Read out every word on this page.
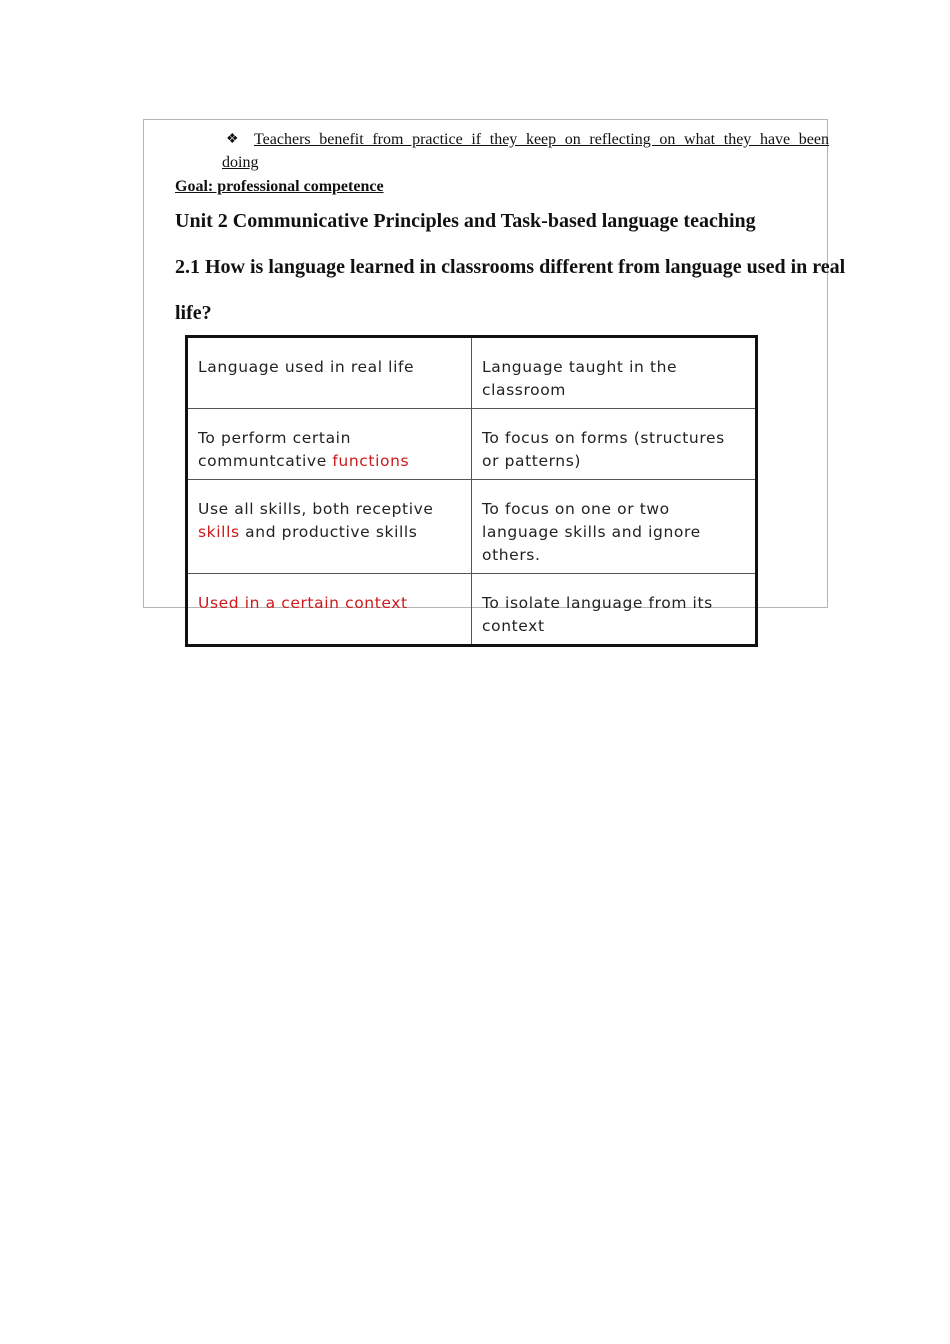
❖ Teachers benefit from practice if they keep on reflecting on what they have been
doing
Goal: professional competence
Unit 2 Communicative Principles and Task-based language teaching
2.1 How is language learned in classrooms different from language used in real
life?
Language used in real life	Language taught in the classroom
To perform certain communtcative functions	To focus on forms (structures or patterns)
Use all skills, both receptive skills and productive skills	To focus on one or two language skills and ignore others.
Used in a certain context	To isolate language from its context
